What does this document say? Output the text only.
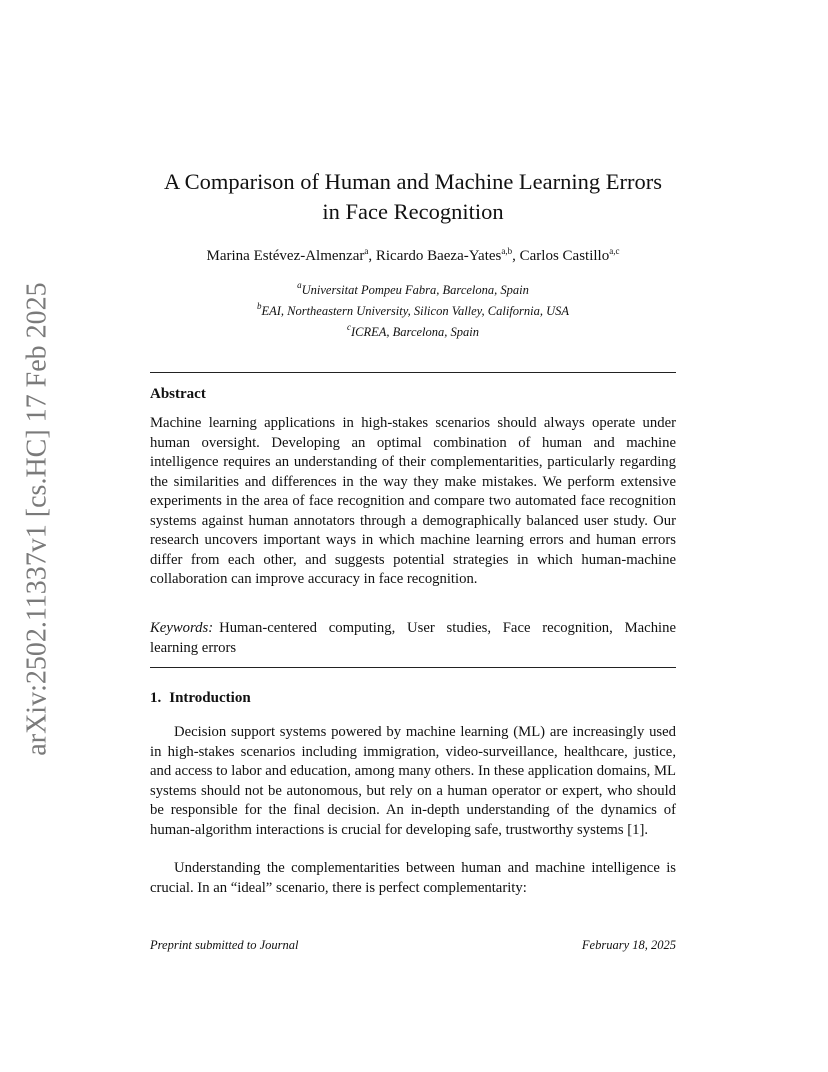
arXiv:2502.11337v1 [cs.HC] 17 Feb 2025
A Comparison of Human and Machine Learning Errors
in Face Recognition
Marina Estévez-Almenzar$^a$, Ricardo Baeza-Yates$^{a,b}$, Carlos Castillo$^{a,c}$
$^a$Universitat Pompeu Fabra, Barcelona, Spain
$^b$EAI, Northeastern University, Silicon Valley, California, USA
$^c$ICREA, Barcelona, Spain
Abstract
Machine learning applications in high-stakes scenarios should always operate under human oversight. Developing an optimal combination of human and machine intelligence requires an understanding of their complementarities, particularly regarding the similarities and differences in the way they make mistakes. We perform extensive experiments in the area of face recognition and compare two automated face recognition systems against human annotators through a demographically balanced user study. Our research uncovers important ways in which machine learning errors and human errors differ from each other, and suggests potential strategies in which human-machine collaboration can improve accuracy in face recognition.
Keywords: Human-centered computing, User studies, Face recognition, Machine learning errors
1. Introduction
Decision support systems powered by machine learning (ML) are increasingly used in high-stakes scenarios including immigration, video-surveillance, healthcare, justice, and access to labor and education, among many others. In these application domains, ML systems should not be autonomous, but rely on a human operator or expert, who should be responsible for the final decision. An in-depth understanding of the dynamics of human-algorithm interactions is crucial for developing safe, trustworthy systems [1].
Understanding the complementarities between human and machine intelligence is crucial. In an “ideal” scenario, there is perfect complementarity:
Preprint submitted to Journal	February 18, 2025
